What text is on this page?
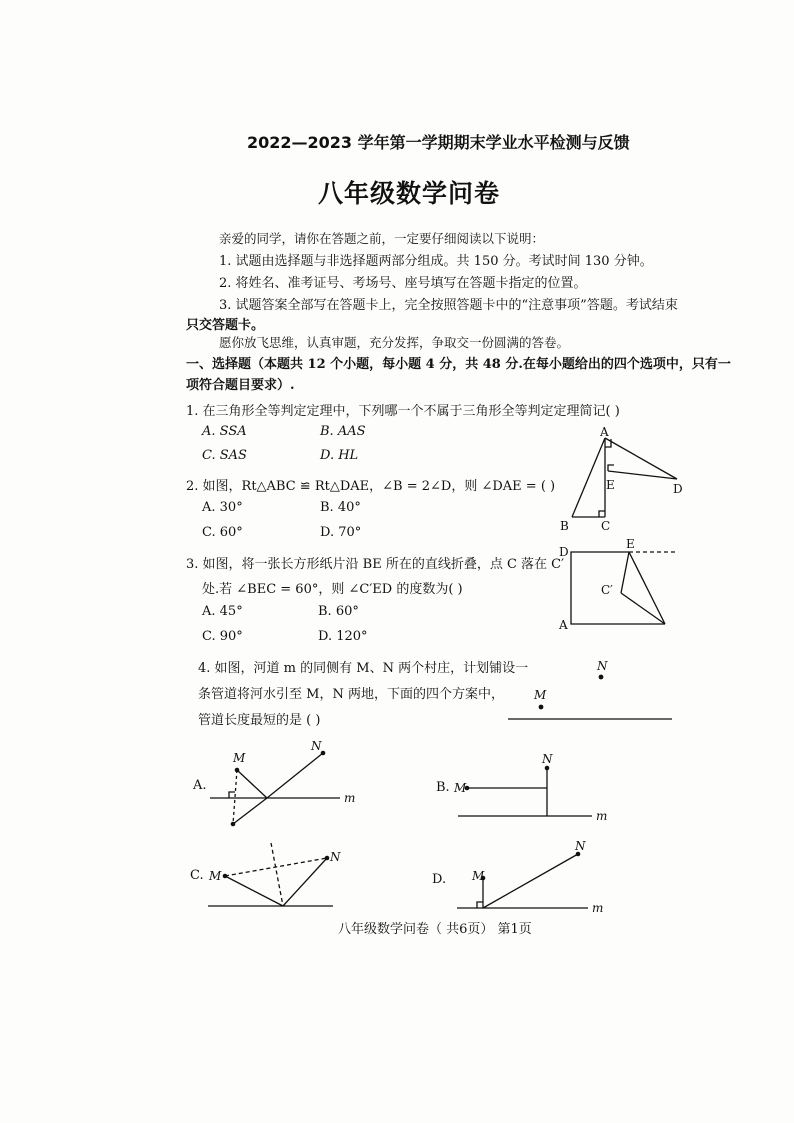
2022—2023 学年第一学期期末学业水平检测与反馈
八年级数学问卷
亲爱的同学，请你在答题之前，一定要仔细阅读以下说明：
1. 试题由选择题与非选择题两部分组成。共 150 分。考试时间 130 分钟。
2. 将姓名、准考证号、考场号、座号填写在答题卡指定的位置。
3. 试题答案全部写在答题卡上，完全按照答题卡中的“注意事项”答题。考试结束
只交答题卡。
愿你放飞思维，认真审题，充分发挥，争取交一份圆满的答卷。
一、选择题（本题共 12 个小题，每小题 4 分，共 48 分.在每小题给出的四个选项中，只有一
项符合题目要求）.
1. 在三角形全等判定定理中，下列哪一个不属于三角形全等判定定理简记( )
A. SSA	B. AAS
C. SAS	D. HL
2. 如图，Rt△ABC ≌ Rt△DAE，∠B = 2∠D，则 ∠DAE = ( )
A. 30°	B. 40°
C. 60°	D. 70°
A
B	C
E	D
3. 如图，将一张长方形纸片沿 BE 所在的直线折叠，点 C 落在 C′
处.若 ∠BEC = 60°，则 ∠C′ED 的度数为( )
A. 45°	B. 60°
C. 90°	D. 120°
D
E
C′
A
4. 如图，河道 m 的同侧有 M、N 两个村庄，计划铺设一
条管道将河水引至 M，N 两地，下面的四个方案中，
管道长度最短的是 ( )
M
N
A.
M
N
m
B. M
N
m
C. M
N
D. M
N
m
八年级数学问卷（ 共6页） 第1页
